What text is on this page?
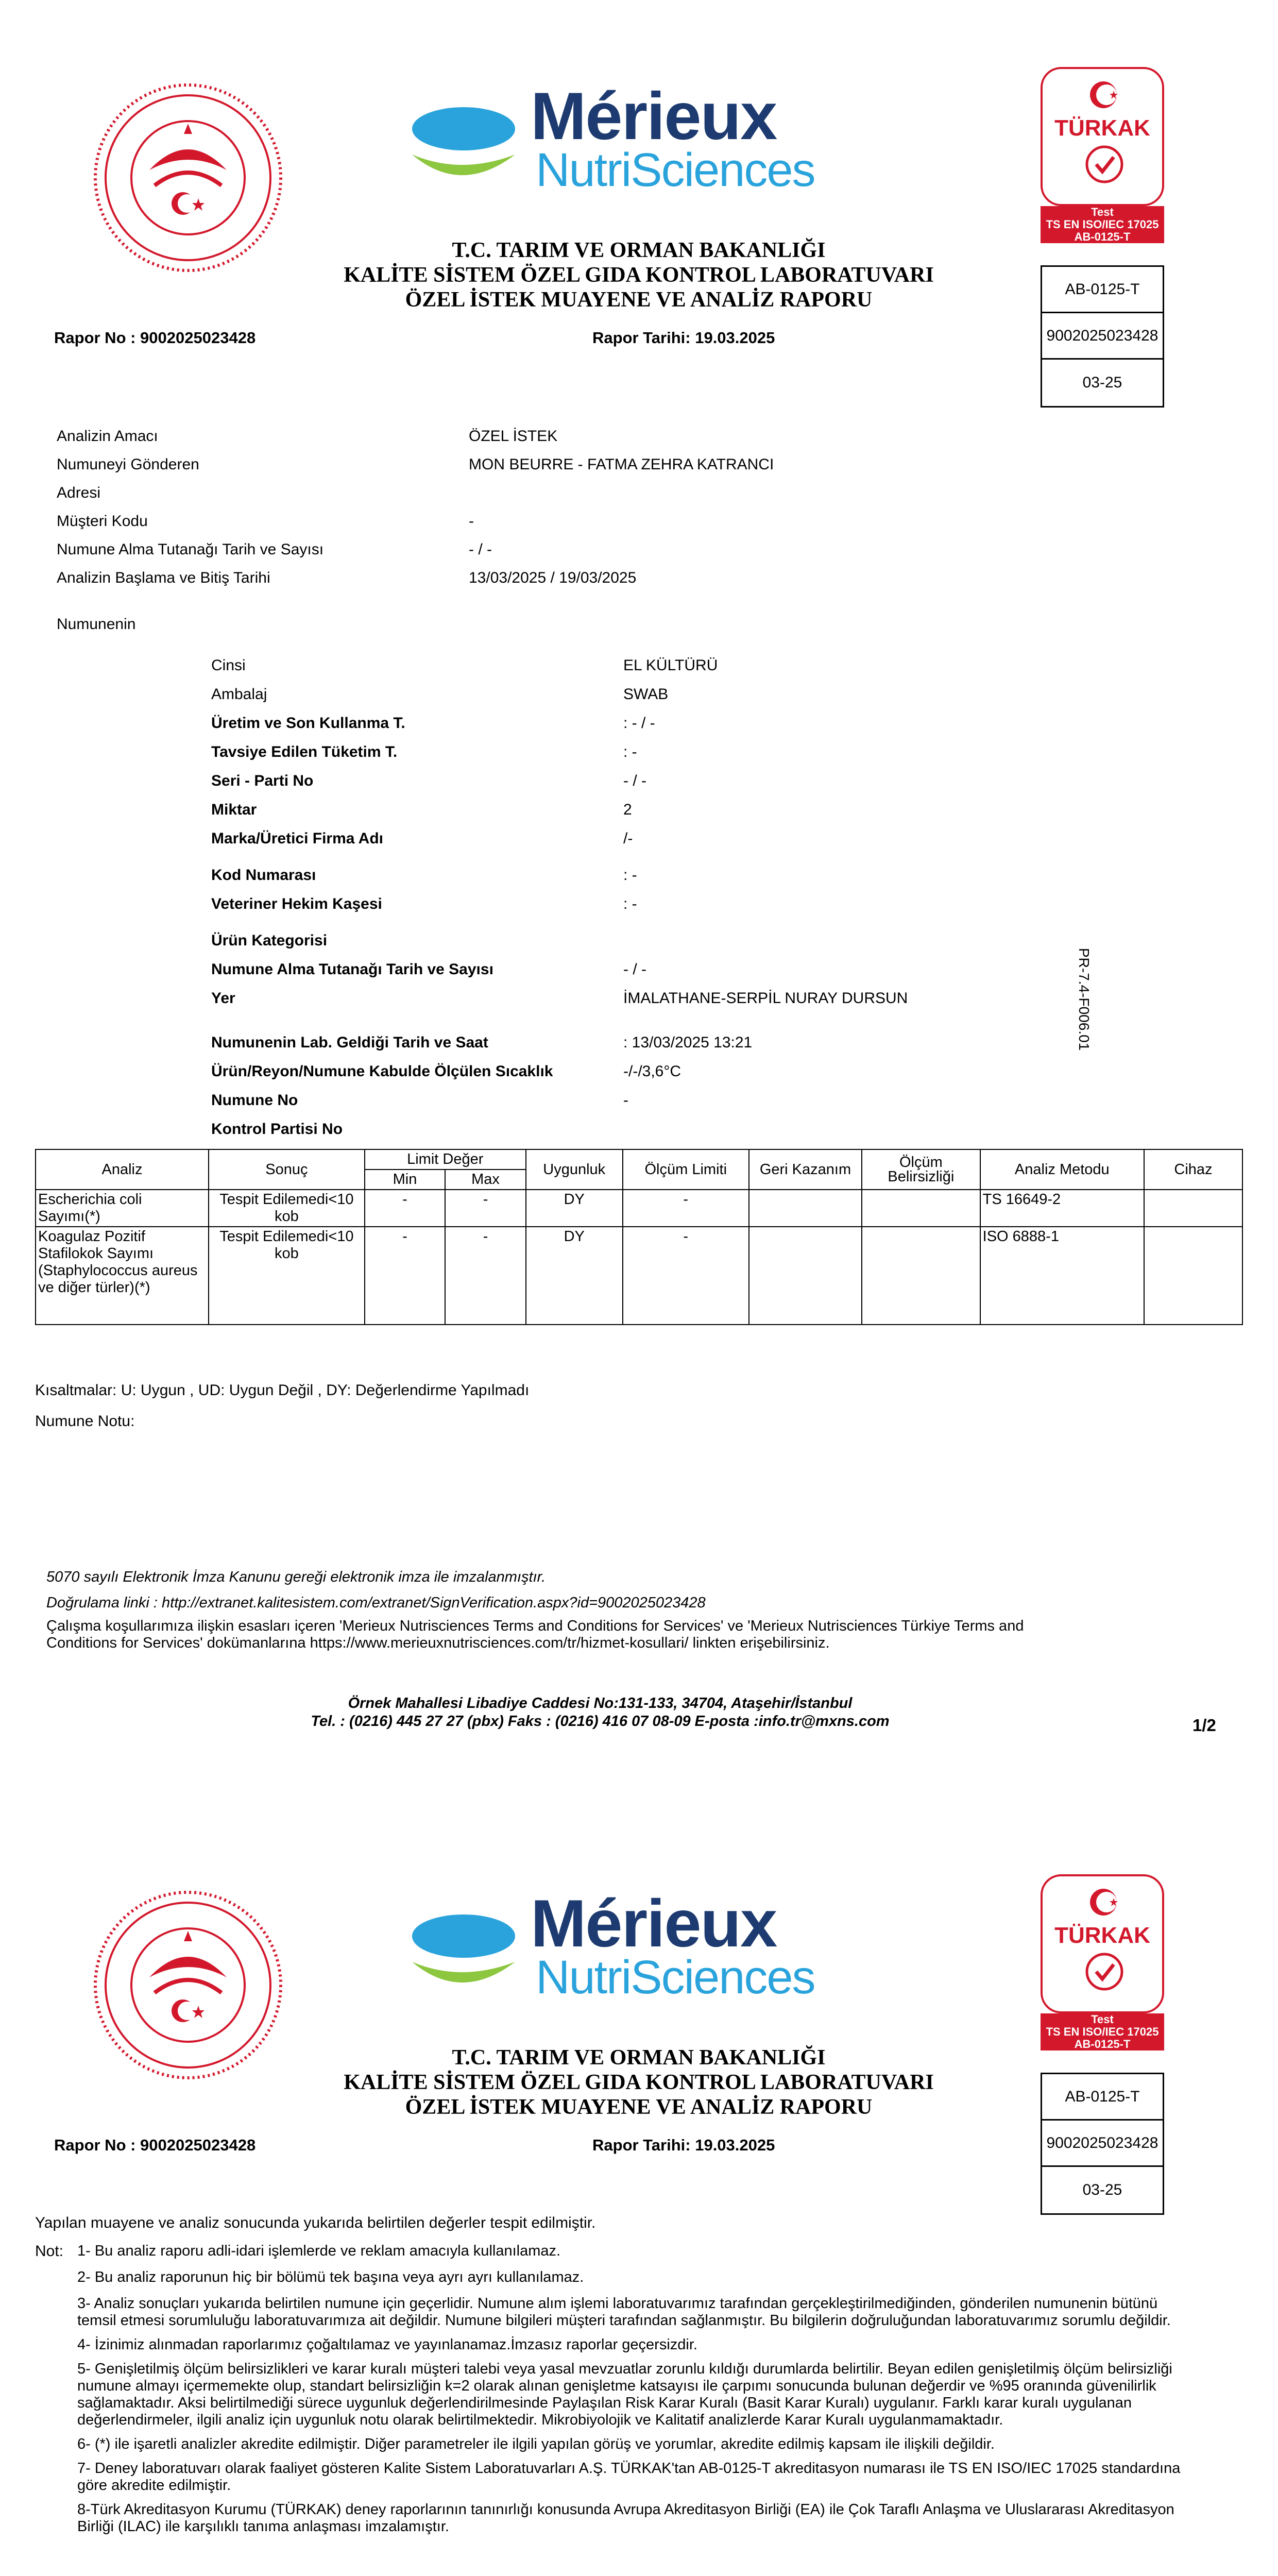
Mérieux
NutriSciences
TÜRKAK
Test
TS EN ISO/IEC 17025
AB-0125-T
AB-0125-T
9002025023428
03-25
T.C. TARIM VE ORMAN BAKANLIĞI
KALİTE SİSTEM ÖZEL GIDA KONTROL LABORATUVARI
ÖZEL İSTEK MUAYENE VE ANALİZ RAPORU
Rapor No : 9002025023428	Rapor Tarihi: 19.03.2025
Analizin Amacı	ÖZEL İSTEK
Numuneyi Gönderen	MON BEURRE - FATMA ZEHRA KATRANCI
Adresi
Müşteri Kodu	-
Numune Alma Tutanağı Tarih ve Sayısı	- / -
Analizin Başlama ve Bitiş Tarihi	13/03/2025 / 19/03/2025
Numunenin
Cinsi	EL KÜLTÜRÜ
Ambalaj	SWAB
Üretim ve Son Kullanma T.	: - / -
Tavsiye Edilen Tüketim T.	: -
Seri - Parti No	- / -
Miktar	2
Marka/Üretici Firma Adı	/-
Kod Numarası	: -
Veteriner Hekim Kaşesi	: -
Ürün Kategorisi
Numune Alma Tutanağı Tarih ve Sayısı	- / -
Yer	İMALATHANE-SERPİL NURAY DURSUN
Numunenin Lab. Geldiği Tarih ve Saat	: 13/03/2025 13:21
Ürün/Reyon/Numune Kabulde Ölçülen Sıcaklık	-/-/3,6°C
Numune No	-
Kontrol Partisi No
PR-7.4-F006.01
Analiz	Sonuç	Limit Değer		Uygunluk	Ölçüm Limiti	Geri Kazanım	Ölçüm Belirsizliği	Analiz Metodu	Cihaz
		Min	Max						
Escherichia coli Sayımı(*)	Tespit Edilemedi<10 kob	-	-	DY	-			TS 16649-2	
Koagulaz Pozitif Stafilokok Sayımı (Staphylococcus aureus ve diğer türler)(*)	Tespit Edilemedi<10 kob	-	-	DY	-			ISO 6888-1	
Kısaltmalar: U: Uygun , UD: Uygun Değil , DY: Değerlendirme Yapılmadı
Numune Notu:
5070 sayılı Elektronik İmza Kanunu gereği elektronik imza ile imzalanmıştır.
Doğrulama linki : http://extranet.kalitesistem.com/extranet/SignVerification.aspx?id=9002025023428
Çalışma koşullarımıza ilişkin esasları içeren 'Merieux Nutrisciences Terms and Conditions for Services' ve 'Merieux Nutrisciences Türkiye Terms and Conditions for Services' dokümanlarına https://www.merieuxnutrisciences.com/tr/hizmet-kosullari/ linkten erişebilirsiniz.
Örnek Mahallesi Libadiye Caddesi No:131-133, 34704, Ataşehir/İstanbul
Tel. : (0216) 445 27 27 (pbx) Faks : (0216) 416 07 08-09 E-posta :info.tr@mxns.com	1/2
Mérieux
NutriSciences
TÜRKAK
Test
TS EN ISO/IEC 17025
AB-0125-T
AB-0125-T
9002025023428
03-25
T.C. TARIM VE ORMAN BAKANLIĞI
KALİTE SİSTEM ÖZEL GIDA KONTROL LABORATUVARI
ÖZEL İSTEK MUAYENE VE ANALİZ RAPORU
Rapor No : 9002025023428	Rapor Tarihi: 19.03.2025
Yapılan muayene ve analiz sonucunda yukarıda belirtilen değerler tespit edilmiştir.
Not: 1- Bu analiz raporu adli-idari işlemlerde ve reklam amacıyla kullanılamaz.

2- Bu analiz raporunun hiç bir bölümü tek başına veya ayrı ayrı kullanılamaz.

3- Analiz sonuçları yukarıda belirtilen numune için geçerlidir. Numune alım işlemi laboratuvarımız tarafından gerçekleştirilmediğinden, gönderilen numunenin bütünü temsil etmesi sorumluluğu laboratuvarımıza ait değildir. Numune bilgileri müşteri tarafından sağlanmıştır. Bu bilgilerin doğruluğundan laboratuvarımız sorumlu değildir.

4- İzinimiz alınmadan raporlarımız çoğaltılamaz ve yayınlanamaz.İmzasız raporlar geçersizdir.

5- Genişletilmiş ölçüm belirsizlikleri ve karar kuralı müşteri talebi veya yasal mevzuatlar zorunlu kıldığı durumlarda belirtilir. Beyan edilen genişletilmiş ölçüm belirsizliği numune almayı içermemekte olup, standart belirsizliğin k=2 olarak alınan genişletme katsayısı ile çarpımı sonucunda bulunan değerdir ve %95 oranında güvenilirlik sağlamaktadır. Aksi belirtilmediği sürece uygunluk değerlendirilmesinde Paylaşılan Risk Karar Kuralı (Basit Karar Kuralı) uygulanır. Farklı karar kuralı uygulanan değerlendirmeler, ilgili analiz için uygunluk notu olarak belirtilmektedir. Mikrobiyolojik ve Kalitatif analizlerde Karar Kuralı uygulanmamaktadır.

6- (*) ile işaretli analizler akredite edilmiştir. Diğer parametreler ile ilgili yapılan görüş ve yorumlar, akredite edilmiş kapsam ile ilişkili değildir.

7- Deney laboratuvarı olarak faaliyet gösteren Kalite Sistem Laboratuvarları A.Ş. TÜRKAK'tan AB-0125-T akreditasyon numarası ile TS EN ISO/IEC 17025 standardına göre akredite edilmiştir.

8-Türk Akreditasyon Kurumu (TÜRKAK) deney raporlarının tanınırlığı konusunda Avrupa Akreditasyon Birliği (EA) ile Çok Taraflı Anlaşma ve Uluslararası Akreditasyon Birliği (ILAC) ile karşılıklı tanıma anlaşması imzalamıştır.
